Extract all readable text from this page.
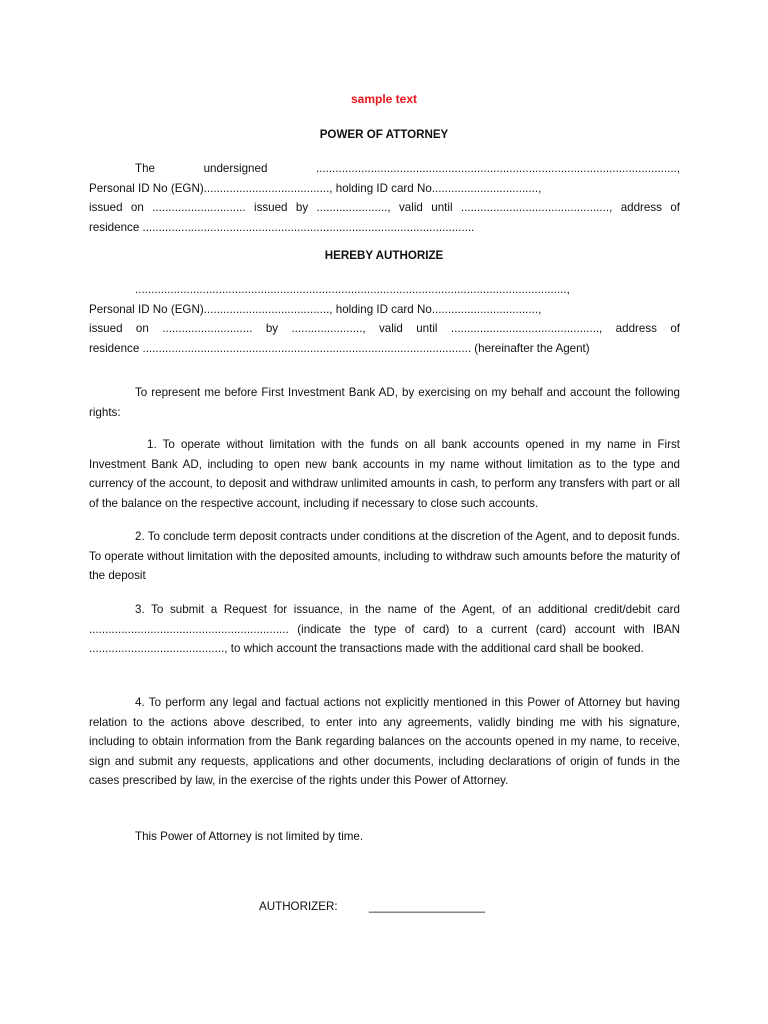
sample text
POWER OF ATTORNEY
The	undersigned	................................................................................................................,
Personal ID No (EGN)......................................., holding ID card No.................................,
issued on ............................. issued by ......................, valid until .............................................., address of
residence .......................................................................................................
HEREBY AUTHORIZE
......................................................................................................................................,
Personal ID No (EGN)......................................., holding ID card No.................................,
issued on ............................ by ......................, valid until .............................................., address of
residence ...................................................................................................... (hereinafter the Agent)
To represent me before First Investment Bank AD, by exercising on my behalf and account the following rights:
1. To operate without limitation with the funds on all bank accounts opened in my name in First Investment Bank AD, including to open new bank accounts in my name without limitation as to the type and currency of the account, to deposit and withdraw unlimited amounts in cash, to perform any transfers with part or all of the balance on the respective account, including if necessary to close such accounts.
2. To conclude term deposit contracts under conditions at the discretion of the Agent, and to deposit funds. To operate without limitation with the deposited amounts, including to withdraw such amounts before the maturity of the deposit
3. To submit a Request for issuance, in the name of the Agent, of an additional credit/debit card .............................................................. (indicate the type of card) to a current (card) account with IBAN .........................................., to which account the transactions made with the additional card shall be booked.
4. To perform any legal and factual actions not explicitly mentioned in this Power of Attorney but having relation to the actions above described, to enter into any agreements, validly binding me with his signature, including to obtain information from the Bank regarding balances on the accounts opened in my name, to receive, sign and submit any requests, applications and other documents, including declarations of origin of funds in the cases prescribed by law, in the exercise of the rights under this Power of Attorney.
This Power of Attorney is not limited by time.
AUTHORIZER:	__________________
